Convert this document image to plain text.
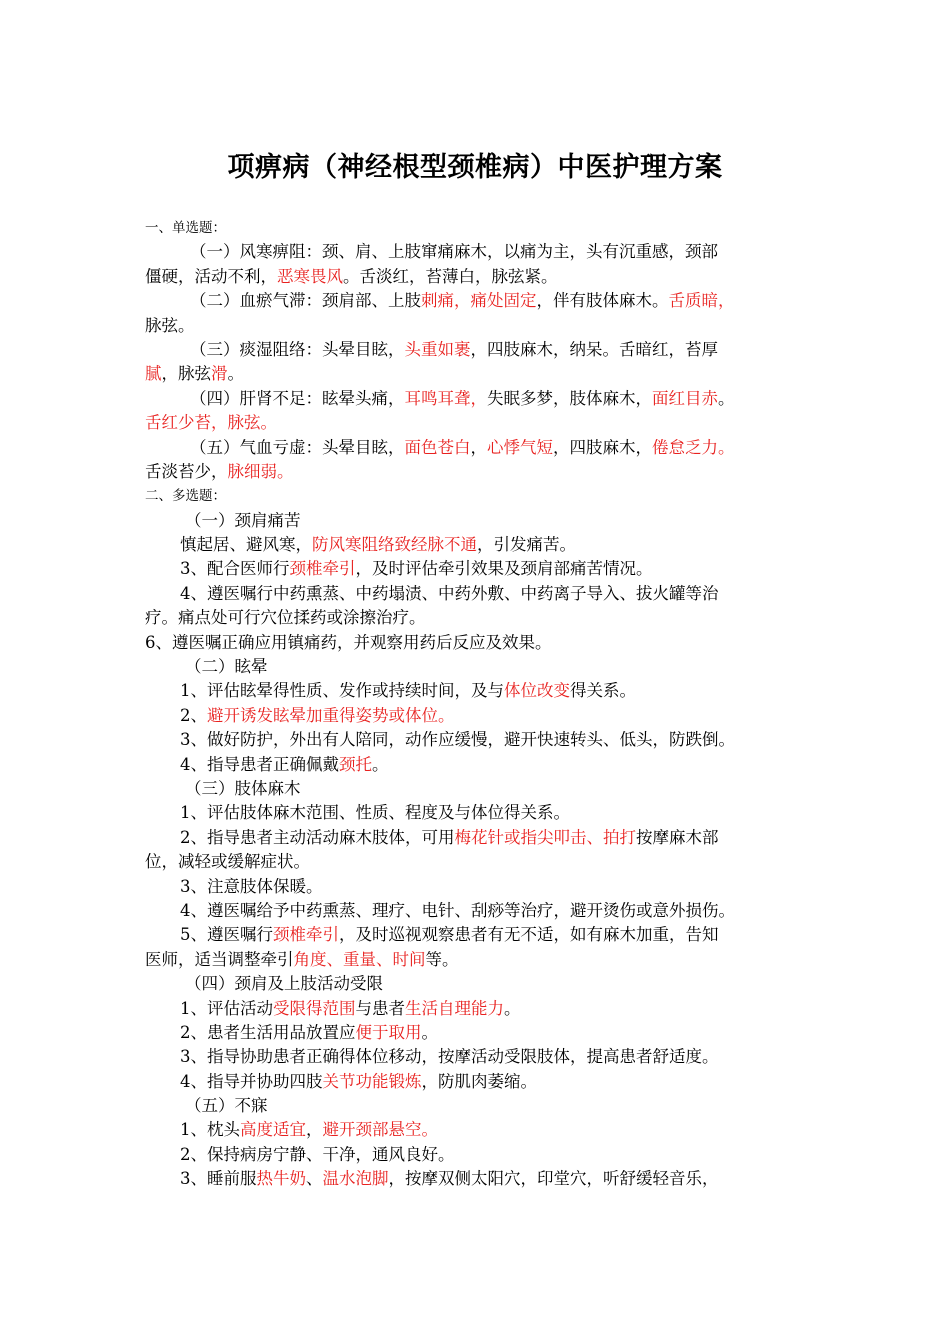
项痹病（神经根型颈椎病）中医护理方案
一、单选题：
（一）风寒痹阻：颈、肩、上肢窜痛麻木，以痛为主，头有沉重感，颈部
僵硬，活动不利，恶寒畏风。舌淡红，苔薄白，脉弦紧。
（二）血瘀气滞：颈肩部、上肢刺痛，痛处固定，伴有肢体麻木。舌质暗，
脉弦。
（三）痰湿阻络：头晕目眩，头重如裹，四肢麻木，纳呆。舌暗红，苔厚
腻，脉弦滑。
（四）肝肾不足：眩晕头痛，耳鸣耳聋，失眠多梦，肢体麻木，面红目赤。
舌红少苔，脉弦。
（五）气血亏虚：头晕目眩，面色苍白，心悸气短，四肢麻木，倦怠乏力。
舌淡苔少，脉细弱。
二、多选题：
（一）颈肩痛苦
慎起居、避风寒，防风寒阻络致经脉不通，引发痛苦。
3、配合医师行颈椎牵引，及时评估牵引效果及颈肩部痛苦情况。
4、遵医嘱行中药熏蒸、中药塌渍、中药外敷、中药离子导入、拔火罐等治
疗。痛点处可行穴位揉药或涂擦治疗。
6、遵医嘱正确应用镇痛药，并观察用药后反应及效果。
（二）眩晕
1、评估眩晕得性质、发作或持续时间，及与体位改变得关系。
2、避开诱发眩晕加重得姿势或体位。
3、做好防护，外出有人陪同，动作应缓慢，避开快速转头、低头，防跌倒。
4、指导患者正确佩戴颈托。
（三）肢体麻木
1、评估肢体麻木范围、性质、程度及与体位得关系。
2、指导患者主动活动麻木肢体，可用梅花针或指尖叩击、拍打按摩麻木部
位，减轻或缓解症状。
3、注意肢体保暖。
4、遵医嘱给予中药熏蒸、理疗、电针、刮痧等治疗，避开烫伤或意外损伤。
5、遵医嘱行颈椎牵引，及时巡视观察患者有无不适，如有麻木加重，告知
医师，适当调整牵引角度、重量、时间等。
（四）颈肩及上肢活动受限
1、评估活动受限得范围与患者生活自理能力。
2、患者生活用品放置应便于取用。
3、指导协助患者正确得体位移动，按摩活动受限肢体，提高患者舒适度。
4、指导并协助四肢关节功能锻炼，防肌肉萎缩。
（五）不寐
1、枕头高度适宜，避开颈部悬空。
2、保持病房宁静、干净，通风良好。
3、睡前服热牛奶、温水泡脚，按摩双侧太阳穴，印堂穴，听舒缓轻音乐，
